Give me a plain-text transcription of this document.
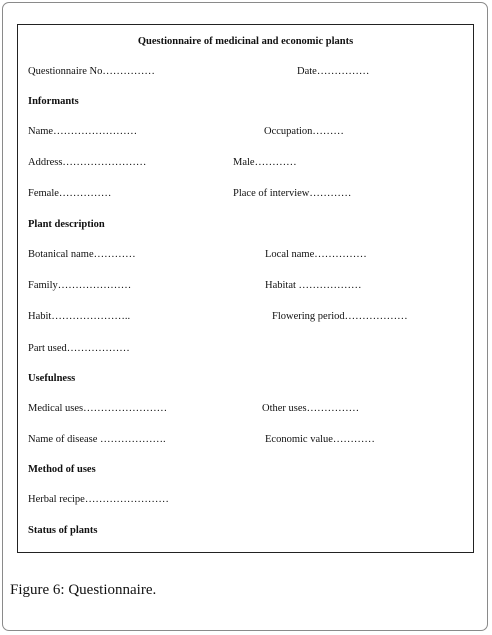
Questionnaire of medicinal and economic plants
Questionnaire No……………	Date……………
Informants
Name……………………	Occupation………
Address……………………	Male…………
Female……………	Place of interview…………
Plant description
Botanical name…………	Local name……………
Family…………………	Habitat ………………
Habit…………………..	Flowering period………………
Part used………………
Usefulness
Medical uses……………………	Other uses……………
Name of disease ……………….	Economic value…………
Method of uses
Herbal recipe……………………
Status of plants
Figure 6: Questionnaire.
